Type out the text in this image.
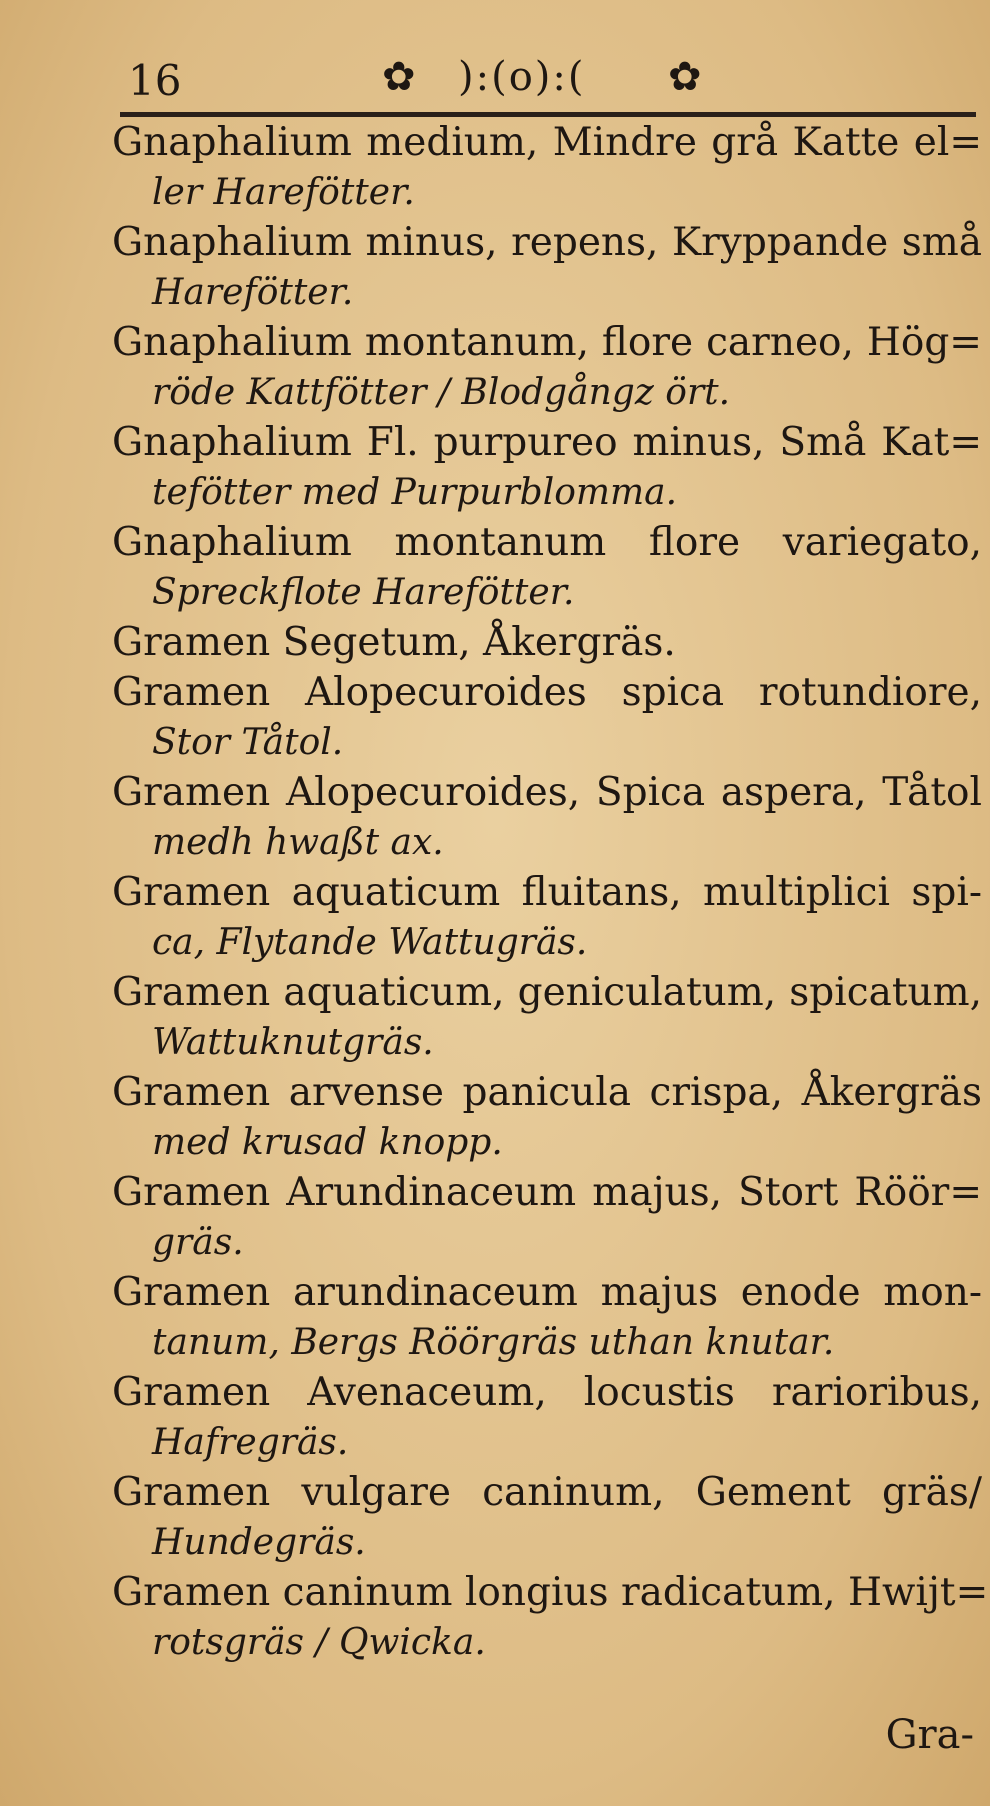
16	✿ ):(o):( ✿
Gnaphalium medium, Mindre grå Katte el=
ler Harefötter.
Gnaphalium minus, repens, Kryppande små
Harefötter.
Gnaphalium montanum, flore carneo, Hög=
röde Kattfötter / Blodgångz ört.
Gnaphalium Fl. purpureo minus, Små Kat=
tefötter med Purpurblomma.
Gnaphalium montanum flore variegato,
Spreckflote Harefötter.
Gramen Segetum, Åkergräs.
Gramen Alopecuroides spica rotundiore,
Stor Tåtol.
Gramen Alopecuroides, Spica aspera, Tåtol
medh hwaßt ax.
Gramen aquaticum fluitans, multiplici spi-
ca, Flytande Wattugräs.
Gramen aquaticum, geniculatum, spicatum,
Wattuknutgräs.
Gramen arvense panicula crispa, Åkergräs
med krusad knopp.
Gramen Arundinaceum majus, Stort Röör=
gräs.
Gramen arundinaceum majus enode mon-
tanum, Bergs Röörgräs uthan knutar.
Gramen Avenaceum, locustis rarioribus,
Hafregräs.
Gramen vulgare caninum, Gement gräs/
Hundegräs.
Gramen caninum longius radicatum, Hwijt=
rotsgräs / Qwicka.
Gra-
